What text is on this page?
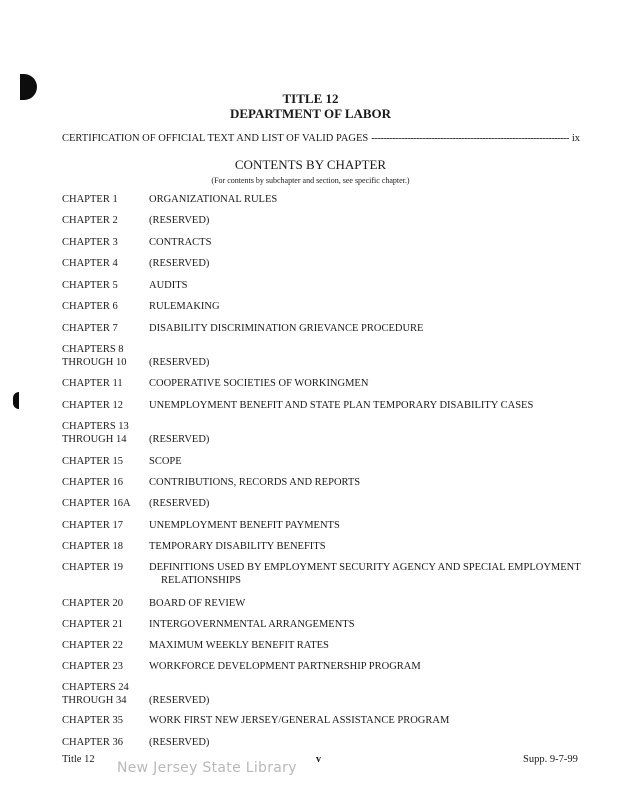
TITLE 12
DEPARTMENT OF LABOR
CERTIFICATION OF OFFICIAL TEXT AND LIST OF VALID PAGES
-----	ix
CONTENTS BY CHAPTER
(For contents by subchapter and section, see specific chapter.)
CHAPTER 1	ORGANIZATIONAL RULES
CHAPTER 2	(RESERVED)
CHAPTER 3	CONTRACTS
CHAPTER 4	(RESERVED)
CHAPTER 5	AUDITS
CHAPTER 6	RULEMAKING
CHAPTER 7	DISABILITY DISCRIMINATION GRIEVANCE PROCEDURE
CHAPTERS 8
THROUGH 10 (RESERVED)
CHAPTER 11	COOPERATIVE SOCIETIES OF WORKINGMEN
CHAPTER 12 UNEMPLOYMENT BENEFIT AND STATE PLAN TEMPORARY DISABILITY CASES
CHAPTERS 13
THROUGH 14 (RESERVED)
CHAPTER 15 SCOPE
CHAPTER 16 CONTRIBUTIONS, RECORDS AND REPORTS
CHAPTER 16A (RESERVED)
CHAPTER 17 UNEMPLOYMENT BENEFIT PAYMENTS
CHAPTER 18 TEMPORARY DISABILITY BENEFITS
CHAPTER 19 DEFINITIONS USED BY EMPLOYMENT SECURITY AGENCY AND SPECIAL EMPLOYMENT
RELATIONSHIPS
CHAPTER 20 BOARD OF REVIEW
CHAPTER 21 INTERGOVERNMENTAL ARRANGEMENTS
CHAPTER 22 MAXIMUM WEEKLY BENEFIT RATES
CHAPTER 23 WORKFORCE DEVELOPMENT PARTNERSHIP PROGRAM
CHAPTERS 24
THROUGH 34 (RESERVED)
CHAPTER 35 WORK FIRST NEW JERSEY/GENERAL ASSISTANCE PROGRAM
CHAPTER 36 (RESERVED)
Title 12	v	Supp. 9-7-99
New Jersey State Library
